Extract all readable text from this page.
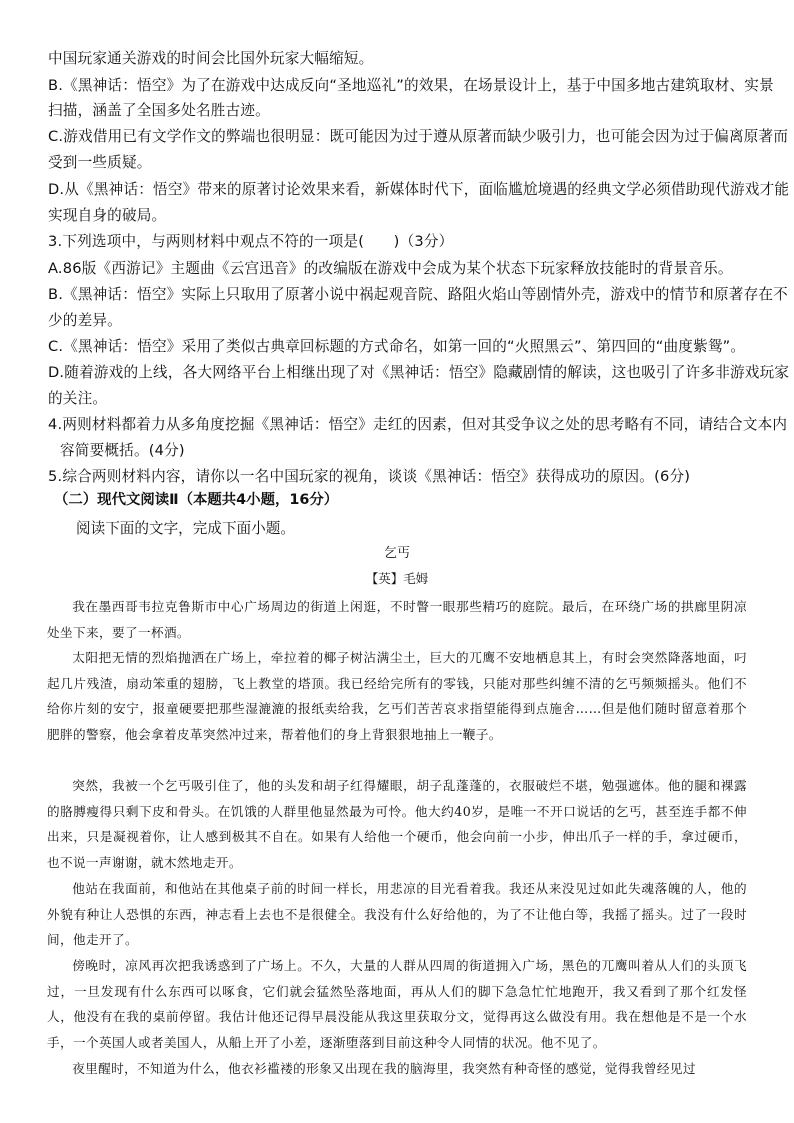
中国玩家通关游戏的时间会比国外玩家大幅缩短。
B.《黑神话：悟空》为了在游戏中达成反向“圣地巡礼”的效果，在场景设计上，基于中国多地古建筑取材、实景
扫描，涵盖了全国多处名胜古迹。
C.游戏借用已有文学作文的弊端也很明显：既可能因为过于遵从原著而缺少吸引力，也可能会因为过于偏离原著而
受到一些质疑。
D.从《黑神话：悟空》带来的原著讨论效果来看，新媒体时代下，面临尴尬境遇的经典文学必须借助现代游戏才能
实现自身的破局。
3.下列选项中，与两则材料中观点不符的一项是(　　)（3分）
A.86版《西游记》主题曲《云宫迅音》的改编版在游戏中会成为某个状态下玩家释放技能时的背景音乐。
B.《黑神话：悟空》实际上只取用了原著小说中祸起观音院、路阻火焰山等剧情外壳，游戏中的情节和原著存在不
少的差异。
C.《黑神话：悟空》采用了类似古典章回标题的方式命名，如第一回的“火照黑云”、第四回的“曲度紫鸳”。
D.随着游戏的上线，各大网络平台上相继出现了对《黑神话：悟空》隐藏剧情的解读，这也吸引了许多非游戏玩家
的关注。
4.两则材料都着力从多角度挖掘《黑神话：悟空》走红的因素，但对其受争议之处的思考略有不同，请结合文本内
容简要概括。(4分)
5.综合两则材料内容，请你以一名中国玩家的视角，谈谈《黑神话：悟空》获得成功的原因。(6分)
（二）现代文阅读Ⅱ（本题共4小题，16分）
阅读下面的文字，完成下面小题。
乞丐
【英】毛姆
我在墨西哥韦拉克鲁斯市中心广场周边的街道上闲逛，不时瞥一眼那些精巧的庭院。最后，在环绕广场的拱廊里阴凉处坐下来，要了一杯酒。
太阳把无情的烈焰抛洒在广场上，牵拉着的椰子树沾满尘土，巨大的兀鹰不安地栖息其上，有时会突然降落地面，叼起几片残渣，扇动笨重的翅膀，飞上教堂的塔顶。我已经给完所有的零钱，只能对那些纠缠不清的乞丐频频摇头。他们不给你片刻的安宁，报童硬要把那些湿漉漉的报纸卖给我，乞丐们苦苦哀求指望能得到点施舍……但是他们随时留意着那个肥胖的警察，他会拿着皮革突然冲过来，帮着他们的身上背狠狠地抽上一鞭子。
突然，我被一个乞丐吸引住了，他的头发和胡子红得耀眼，胡子乱蓬蓬的，衣服破烂不堪，勉强遮体。他的腿和裸露的胳膊瘦得只剩下皮和骨头。在饥饿的人群里他显然最为可怜。他大约40岁，是唯一不开口说话的乞丐，甚至连手都不伸出来，只是凝视着你，让人感到极其不自在。如果有人给他一个硬币，他会向前一小步，伸出爪子一样的手，拿过硬币，也不说一声谢谢，就木然地走开。
他站在我面前，和他站在其他桌子前的时间一样长，用悲凉的目光看着我。我还从来没见过如此失魂落魄的人，他的外貌有种让人恐惧的东西，神志看上去也不是很健全。我没有什么好给他的，为了不让他白等，我摇了摇头。过了一段时间，他走开了。
傍晚时，凉风再次把我诱惑到了广场上。不久，大量的人群从四周的街道拥入广场，黑色的兀鹰叫着从人们的头顶飞过，一旦发现有什么东西可以啄食，它们就会猛然坠落地面，再从人们的脚下急急忙忙地跑开，我又看到了那个红发怪人，他没有在我的桌前停留。我估计他还记得早晨没能从我这里获取分文，觉得再这么做没有用。我在想他是不是一个水手，一个英国人或者美国人，从船上开了小差，逐渐堕落到目前这种令人同情的状况。他不见了。
夜里醒时，不知道为什么，他衣衫褴褛的形象又出现在我的脑海里，我突然有种奇怪的感觉，觉得我曾经见过
